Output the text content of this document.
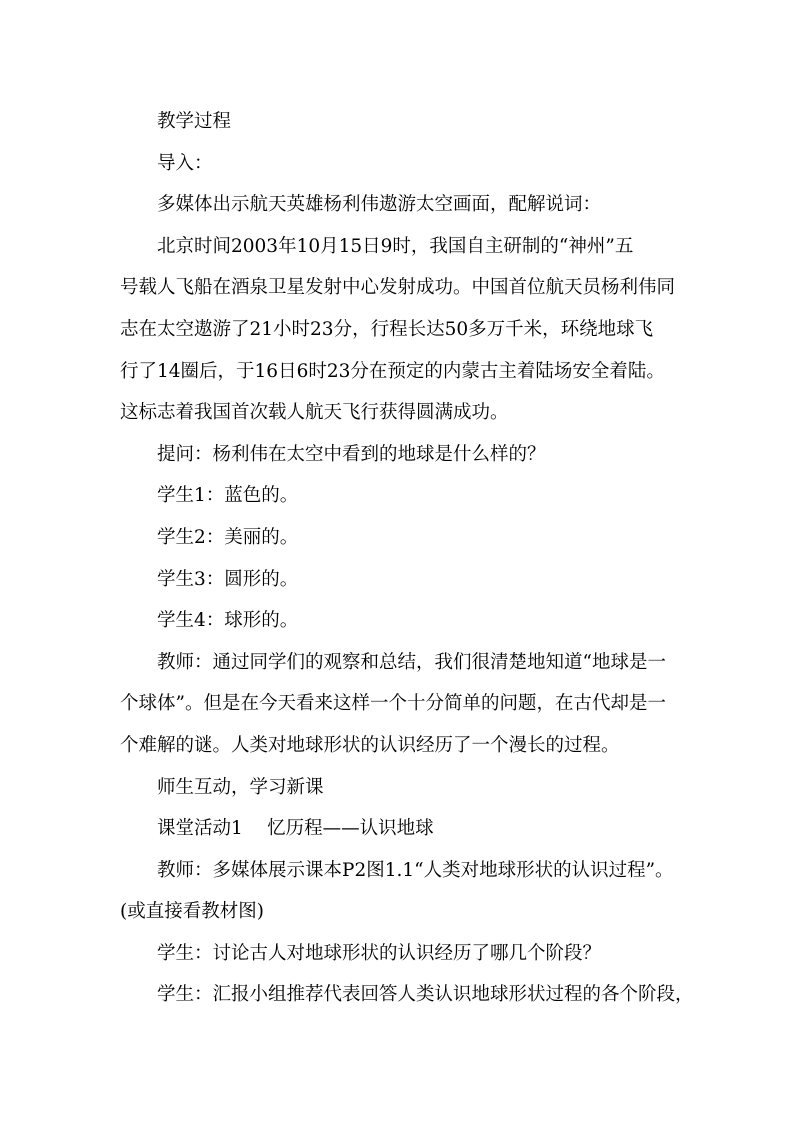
教学过程

导入：

多媒体出示航天英雄杨利伟遨游太空画面，配解说词：

北京时间2003年10月15日9时，我国自主研制的“神州”五
号载人飞船在酒泉卫星发射中心发射成功。中国首位航天员杨利伟同
志在太空遨游了21小时23分，行程长达50多万千米，环绕地球飞
行了14圈后，于16日6时23分在预定的内蒙古主着陆场安全着陆。
这标志着我国首次载人航天飞行获得圆满成功。

提问：杨利伟在太空中看到的地球是什么样的？

学生1：蓝色的。

学生2：美丽的。

学生3：圆形的。

学生4：球形的。

教师：通过同学们的观察和总结，我们很清楚地知道“地球是一
个球体”。但是在今天看来这样一个十分简单的问题，在古代却是一
个难解的谜。人类对地球形状的认识经历了一个漫长的过程。

师生互动，学习新课

课堂活动1　 忆历程——认识地球

教师：多媒体展示课本P2图1.1“人类对地球形状的认识过程”。
(或直接看教材图)

学生：讨论古人对地球形状的认识经历了哪几个阶段？

学生：汇报小组推荐代表回答人类认识地球形状过程的各个阶段，
